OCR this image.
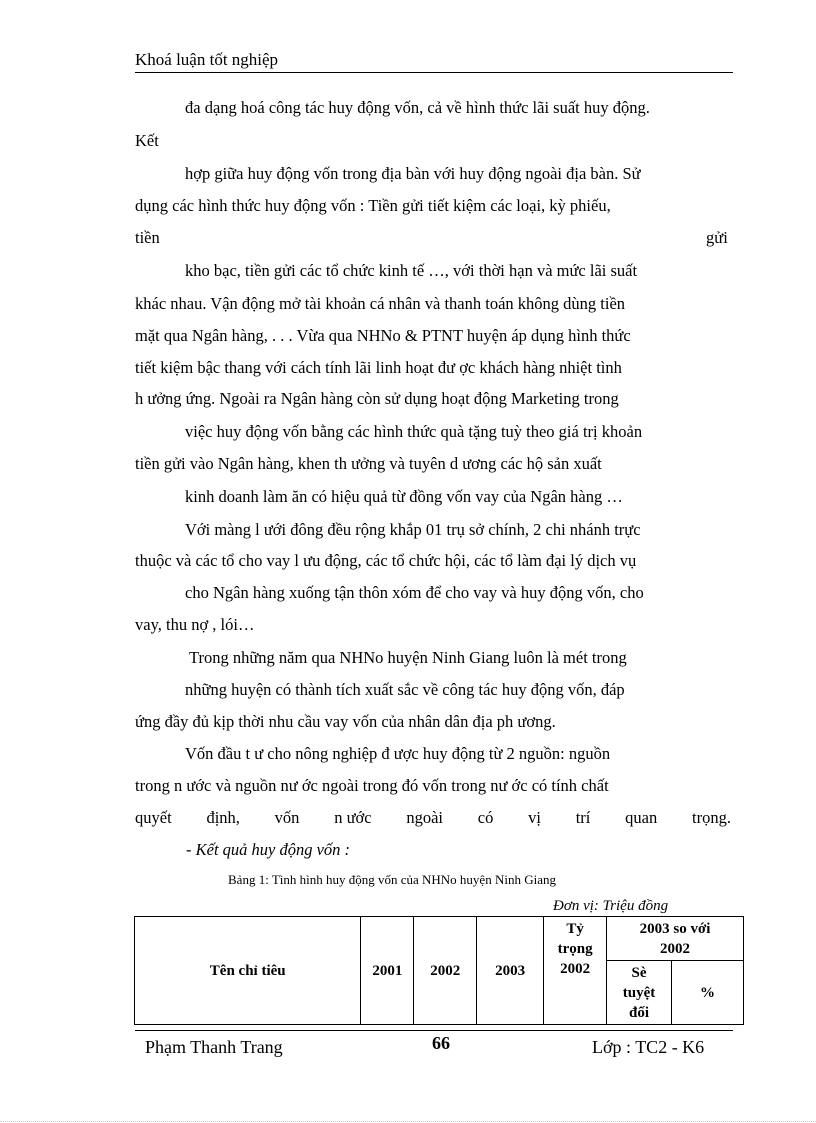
Khoá luận tốt nghiệp
đa dạng hoá công tác huy động vốn, cả về hình thức lãi suất huy động.
Kết
hợp giữa huy động vốn trong địa bàn với huy động ngoài địa bàn. Sử
dụng các hình thức huy động vốn : Tiền gửi tiết kiệm các loại, kỳ phiếu,
tiền	gửi
kho bạc, tiền gửi các tổ chức kinh tế …, với thời hạn và mức lãi suất
khác nhau. Vận động mở tài khoản cá nhân và thanh toán không dùng tiền
mặt qua Ngân hàng, . . . Vừa qua NHNo & PTNT huyện áp dụng hình thức
tiết kiệm bậc thang với cách tính lãi linh hoạt đư ợc khách hàng nhiệt tình
h ưởng ứng. Ngoài ra Ngân hàng còn sử dụng hoạt động Marketing trong
việc huy động vốn bằng các hình thức quà tặng tuỳ theo giá trị khoản
tiền gửi vào Ngân hàng, khen th ưởng và tuyên d ương các hộ sản xuất
kinh doanh làm ăn có hiệu quả từ đồng vốn vay của Ngân hàng …
Với màng l ưới đông đều rộng khắp 01 trụ sở chính, 2 chi nhánh trực
thuộc và các tổ cho vay l ưu động, các tổ chức hội, các tổ làm đại lý dịch vụ
cho Ngân hàng xuống tận thôn xóm để cho vay và huy động vốn, cho
vay, thu nợ , lói…
Trong những năm qua NHNo huyện Ninh Giang luôn là mét trong
những huyện có thành tích xuất sắc về công tác huy động vốn, đáp
ứng đầy đủ kịp thời nhu cầu vay vốn của nhân dân địa ph ương.
Vốn đầu t ư cho nông nghiệp đ ược huy động từ 2 nguồn: nguồn
trong n ước và nguồn nư ớc ngoài trong đó vốn trong nư ớc có tính chất
quyết định, vốn n ước ngoài có vị trí quan trọng.
- Kết quả huy động vốn :
Bảng 1: Tình hình huy động vốn của NHNo huyện Ninh Giang
Đơn vị: Triệu đồng
Tên chỉ tiêu	2001	2002	2003	Tỷ trọng 2002	2003 so với 2002	

					Sè tuyệt đối	%
Phạm Thanh Trang	66	Lớp : TC2 - K6
